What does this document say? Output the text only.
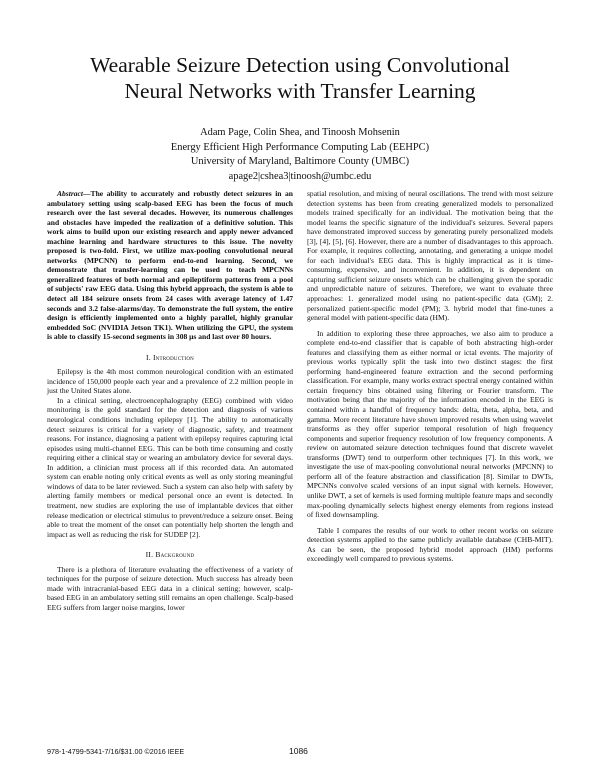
Wearable Seizure Detection using Convolutional
Neural Networks with Transfer Learning
Adam Page, Colin Shea, and Tinoosh Mohsenin
Energy Efficient High Performance Computing Lab (EEHPC)
University of Maryland, Baltimore County (UMBC)
apage2|cshea3|tinoosh@umbc.edu

Abstract—The ability to accurately and robustly detect seizures in an ambulatory setting using scalp-based EEG has been the focus of much research over the last several decades. However, its numerous challenges and obstacles have impeded the realization of a definitive solution. This work aims to build upon our existing research and apply newer advanced machine learning and hardware structures to this issue. The novelty proposed is two-fold. First, we utilize max-pooling convolutional neural networks (MPCNN) to perform end-to-end learning. Second, we demonstrate that transfer-learning can be used to teach MPCNNs generalized features of both normal and epileptiform patterns from a pool of subjects' raw EEG data. Using this hybrid approach, the system is able to detect all 184 seizure onsets from 24 cases with average latency of 1.47 seconds and 3.2 false-alarms/day. To demonstrate the full system, the entire design is efficiently implemented onto a highly parallel, highly granular embedded SoC (NVIDIA Jetson TK1). When utilizing the GPU, the system is able to classify 15-second segments in 308 μs and last over 80 hours.

I. Introduction

Epilepsy is the 4th most common neurological condition with an estimated incidence of 150,000 people each year and a prevalence of 2.2 million people in just the United States alone.

In a clinical setting, electroencephalography (EEG) combined with video monitoring is the gold standard for the detection and diagnosis of various neurological conditions including epilepsy [1]. The ability to automatically detect seizures is critical for a variety of diagnostic, safety, and treatment reasons. For instance, diagnosing a patient with epilepsy requires capturing ictal episodes using multi-channel EEG. This can be both time consuming and costly requiring either a clinical stay or wearing an ambulatory device for several days. In addition, a clinician must process all if this recorded data. An automated system can enable noting only critical events as well as only storing meaningful windows of data to be later reviewed. Such a system can also help with safety by alerting family members or medical personal once an event is detected. In treatment, new studies are exploring the use of implantable devices that either release medication or electrical stimulus to prevent/reduce a seizure onset. Being able to treat the moment of the onset can potentially help shorten the length and impact as well as reducing the risk for SUDEP [2].

II. Background

There is a plethora of literature evaluating the effectiveness of a variety of techniques for the purpose of seizure detection. Much success has already been made with intracranial-based EEG data in a clinical setting; however, scalp-based EEG in an ambulatory setting still remains an open challenge. Scalp-based EEG suffers from larger noise margins, lower

spatial resolution, and mixing of neural oscillations. The trend with most seizure detection systems has been from creating generalized models to personalized models trained specifically for an individual. The motivation being that the model learns the specific signature of the individual's seizures. Several papers have demonstrated improved success by generating purely personalized models [3], [4], [5], [6]. However, there are a number of disadvantages to this approach. For example, it requires collecting, annotating, and generating a unique model for each individual's EEG data. This is highly impractical as it is time-consuming, expensive, and inconvenient. In addition, it is dependent on capturing sufficient seizure onsets which can be challenging given the sporadic and unpredictable nature of seizures. Therefore, we want to evaluate three approaches: 1. generalized model using no patient-specific data (GM); 2. personalized patient-specific model (PM); 3. hybrid model that fine-tunes a general model with patient-specific data (HM).

In addition to exploring these three approaches, we also aim to produce a complete end-to-end classifier that is capable of both abstracting high-order features and classifying them as either normal or ictal events. The majority of previous works typically split the task into two distinct stages: the first performing hand-engineered feature extraction and the second performing classification. For example, many works extract spectral energy contained within certain frequency bins obtained using filtering or Fourier transform. The motivation being that the majority of the information encoded in the EEG is contained within a handful of frequency bands: delta, theta, alpha, beta, and gamma. More recent literature have shown improved results when using wavelet transforms as they offer superior temporal resolution of high frequency components and superior frequency resolution of low frequency components. A review on automated seizure detection techniques found that discrete wavelet transforms (DWT) tend to outperform other techniques [7]. In this work, we investigate the use of max-pooling convolutional neural networks (MPCNN) to perform all of the feature abstraction and classification [8]. Similar to DWTs, MPCNNs convolve scaled versions of an input signal with kernels. However, unlike DWT, a set of kernels is used forming multiple feature maps and secondly max-pooling dynamically selects highest energy elements from regions instead of fixed downsampling.

Table I compares the results of our work to other recent works on seizure detection systems applied to the same publicly available database (CHB-MIT). As can be seen, the proposed hybrid model approach (HM) performs exceedingly well compared to previous systems.

978-1-4799-5341-7/16/$31.00 ©2016 IEEE	1086
